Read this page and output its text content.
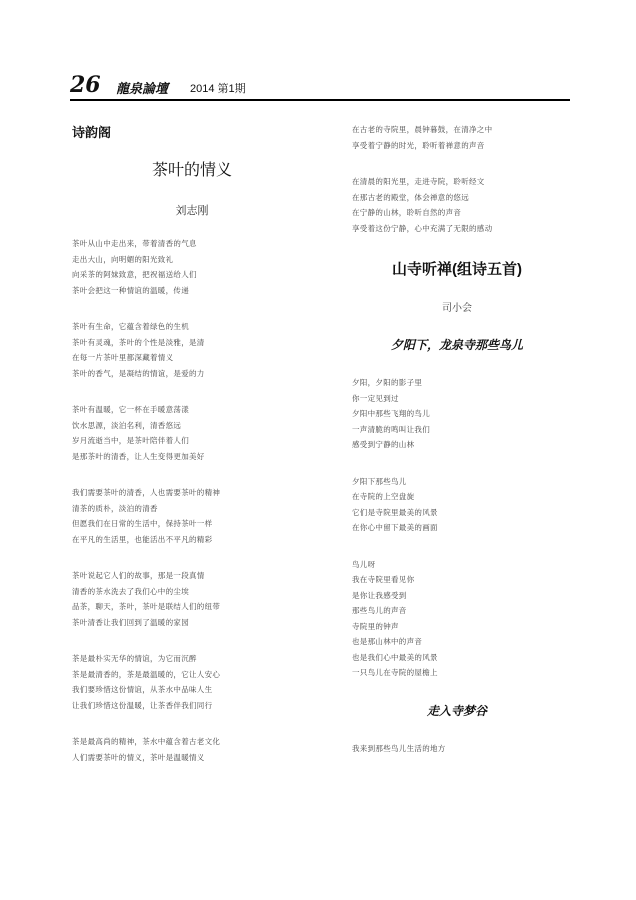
26 龍泉論壇 2014 第1期
诗韵阁
茶叶的情义
刘志刚
茶叶从山中走出来，带着清香的气息
走出大山，向明媚的阳光致礼
向采茶的阿妹致意，把祝福送给人们
茶叶会把这一种情谊的温暖，传递
茶叶有生命，它蕴含着绿色的生机
茶叶有灵魂，茶叶的个性是淡雅，是清
在每一片茶叶里都深藏着情义
茶叶的香气，是凝结的情谊，是爱的力
茶叶有温暖，它一杯在手暖意荡漾
饮水思源，淡泊名利，清香悠远
岁月流逝当中，是茶叶陪伴着人们
是那茶叶的清香，让人生变得更加美好
我们需要茶叶的清香，人也需要茶叶的精神
清茶的质朴，淡泊的清香
但愿我们在日常的生活中，保持茶叶一样
在平凡的生活里，也能活出不平凡的精彩
茶叶说起它人们的故事，那是一段真情
清香的茶水洗去了我们心中的尘埃
品茶，聊天，茶叶，茶叶是联结人们的纽带
茶叶清香让我们回到了温暖的家园
茶是最朴实无华的情谊，为它而沉醉
茶是最清香的，茶是最温暖的，它让人安心
我们要珍惜这份情谊，从茶水中品味人生
让我们珍惜这份温暖，让茶香伴我们同行
茶是最高尚的精神，茶水中蕴含着古老文化
人们需要茶叶的情义，茶叶是温暖情义
在古老的寺院里，晨钟暮鼓，在清净之中
享受着宁静的时光，聆听着禅意的声音
在清晨的阳光里，走进寺院，聆听经文
在那古老的殿堂，体会禅意的悠远
在宁静的山林，聆听自然的声音
享受着这份宁静，心中充满了无限的感动
山寺听禅(组诗五首)
司小会
夕阳下，龙泉寺那些鸟儿
夕阳，夕阳的影子里
你一定见到过
夕阳中那些飞翔的鸟儿
一声清脆的鸣叫让我们
感受到宁静的山林
夕阳下那些鸟儿
在寺院的上空盘旋
它们是寺院里最美的风景
在你心中留下最美的画面
鸟儿呀
我在寺院里看见你
是你让我感受到
那些鸟儿的声音
寺院里的钟声
也是那山林中的声音
也是我们心中最美的风景
一只鸟儿在寺院的屋檐上
走入寺梦谷
我来到那些鸟儿生活的地方
